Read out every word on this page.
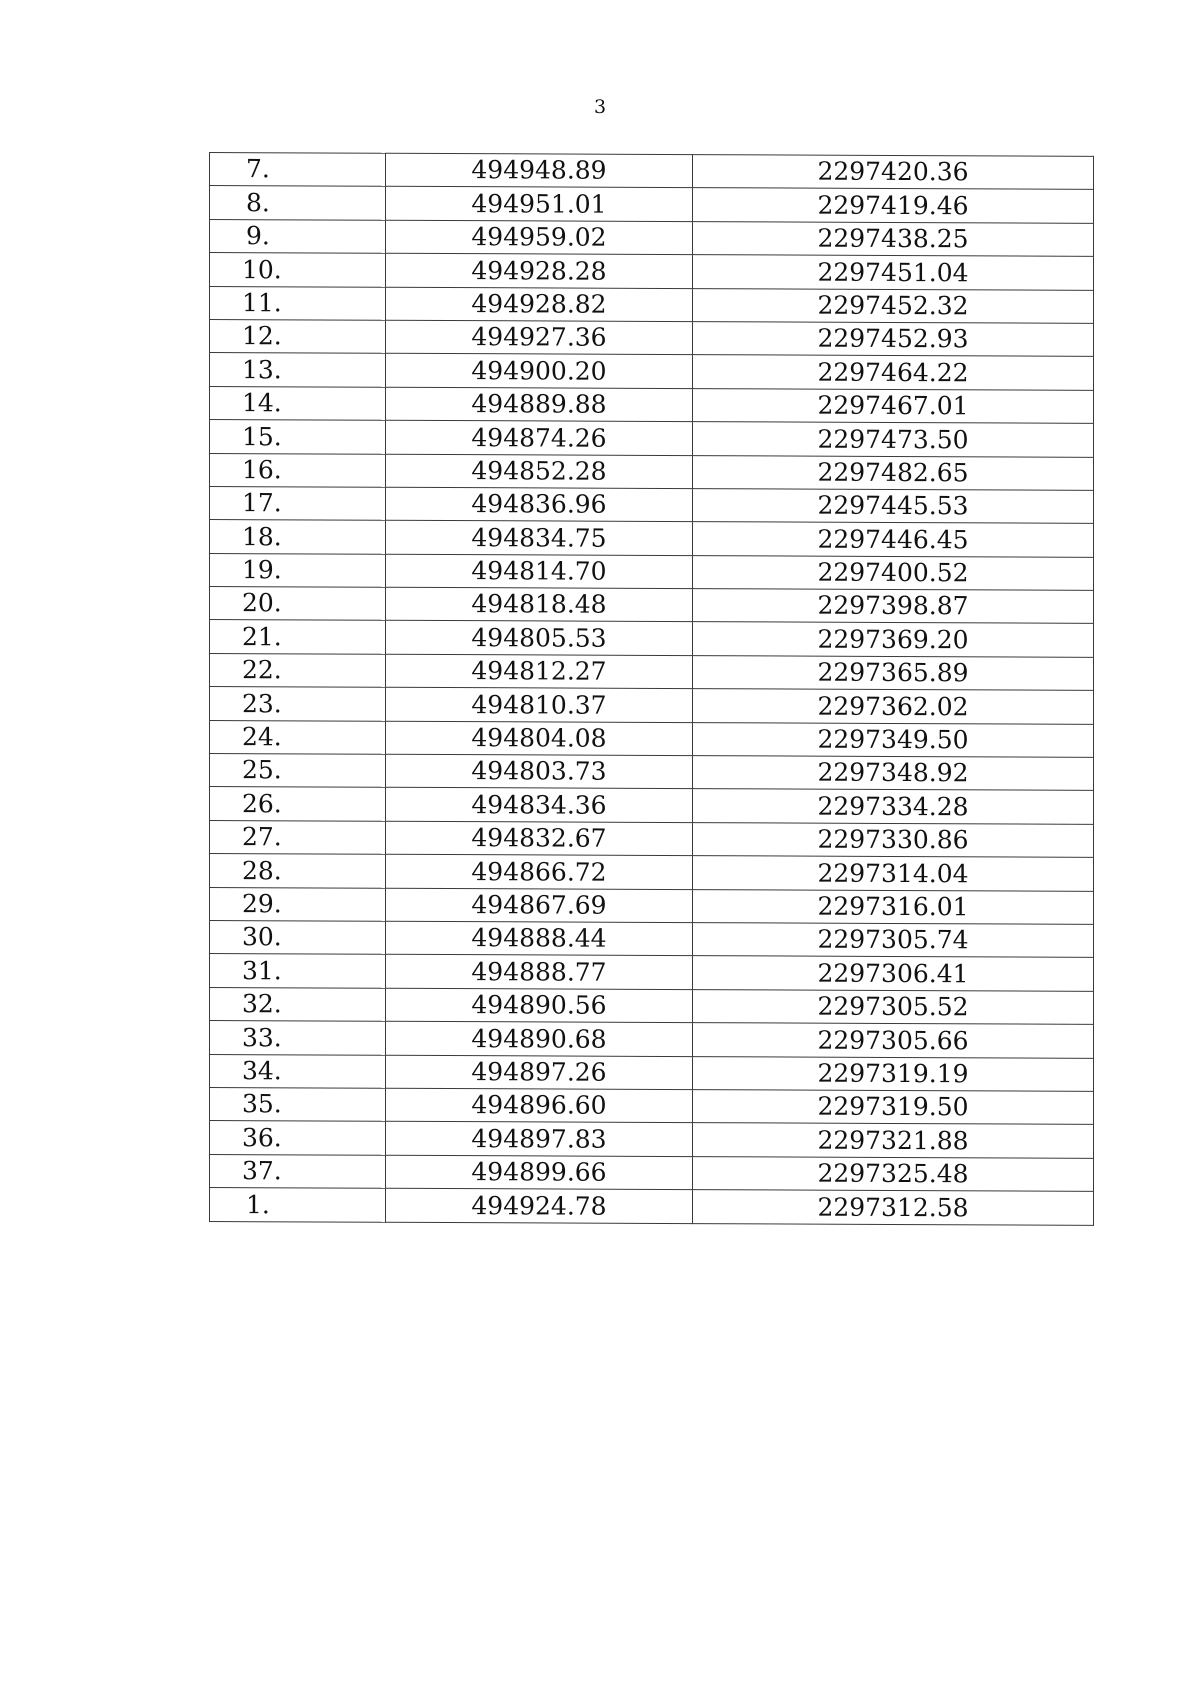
3
7.	494948.89	2297420.36
8.	494951.01	2297419.46
9.	494959.02	2297438.25
10.	494928.28	2297451.04
11.	494928.82	2297452.32
12.	494927.36	2297452.93
13.	494900.20	2297464.22
14.	494889.88	2297467.01
15.	494874.26	2297473.50
16.	494852.28	2297482.65
17.	494836.96	2297445.53
18.	494834.75	2297446.45
19.	494814.70	2297400.52
20.	494818.48	2297398.87
21.	494805.53	2297369.20
22.	494812.27	2297365.89
23.	494810.37	2297362.02
24.	494804.08	2297349.50
25.	494803.73	2297348.92
26.	494834.36	2297334.28
27.	494832.67	2297330.86
28.	494866.72	2297314.04
29.	494867.69	2297316.01
30.	494888.44	2297305.74
31.	494888.77	2297306.41
32.	494890.56	2297305.52
33.	494890.68	2297305.66
34.	494897.26	2297319.19
35.	494896.60	2297319.50
36.	494897.83	2297321.88
37.	494899.66	2297325.48
1.	494924.78	2297312.58
